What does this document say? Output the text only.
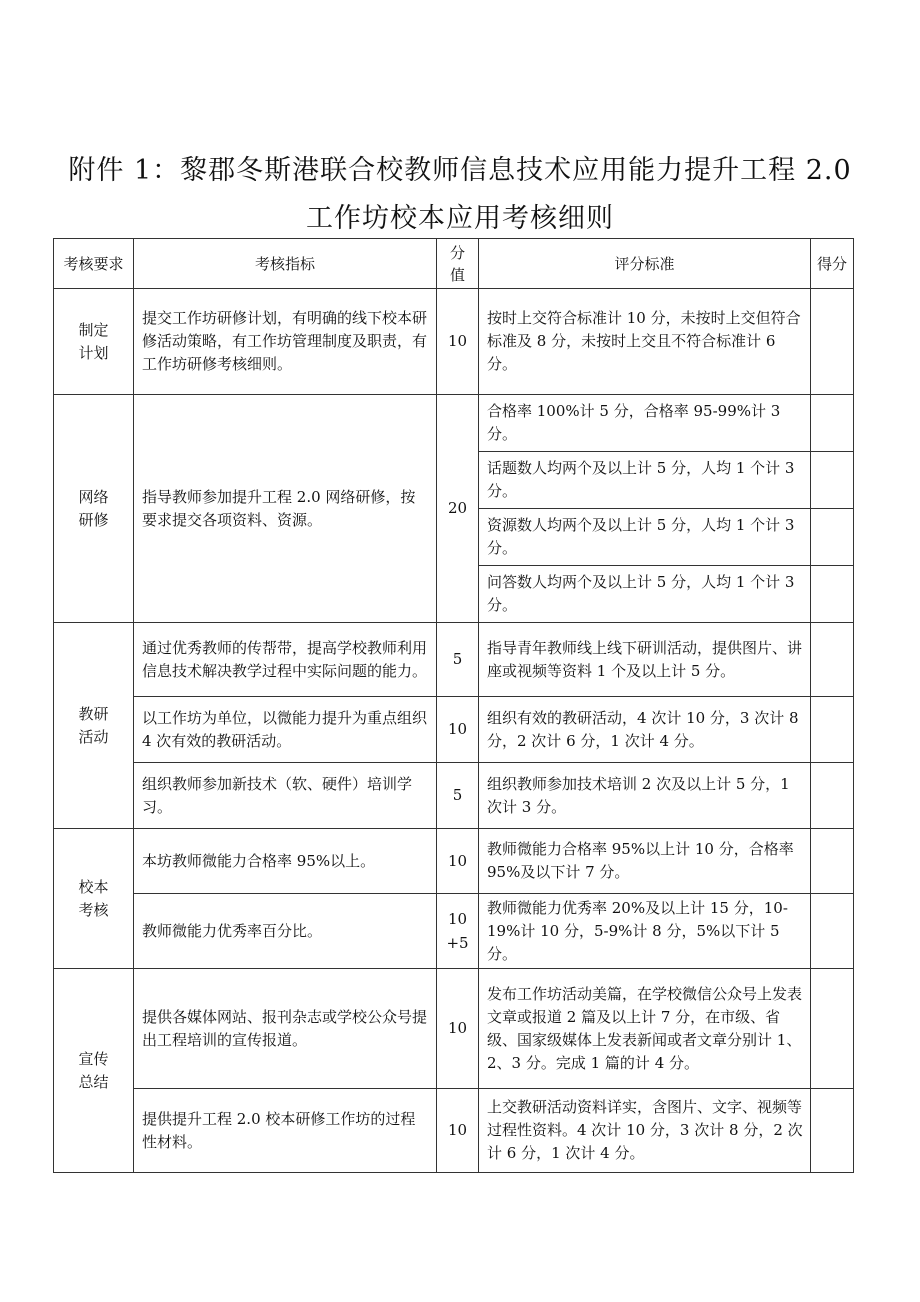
附件 1：黎郡冬斯港联合校教师信息技术应用能力提升工程 2.0
工作坊校本应用考核细则
考核要求	考核指标	分值	评分标准	得分
制定计划	提交工作坊研修计划，有明确的线下校本研修活动策略，有工作坊管理制度及职责，有工作坊研修考核细则。	10	按时上交符合标准计 10 分，未按时上交但符合标准及 8 分，未按时上交且不符合标准计 6 分。	
网络研修	指导教师参加提升工程 2.0 网络研修，按要求提交各项资料、资源。	20	合格率 100%计 5 分，合格率 95-99%计 3 分。	
			话题数人均两个及以上计 5 分，人均 1 个计 3 分。	
			资源数人均两个及以上计 5 分，人均 1 个计 3 分。	
			问答数人均两个及以上计 5 分，人均 1 个计 3 分。	
教研活动	通过优秀教师的传帮带，提高学校教师利用信息技术解决教学过程中实际问题的能力。	5	指导青年教师线上线下研训活动，提供图片、讲座或视频等资料 1 个及以上计 5 分。	
	以工作坊为单位，以微能力提升为重点组织 4 次有效的教研活动。	10	组织有效的教研活动，4 次计 10 分，3 次计 8 分，2 次计 6 分，1 次计 4 分。	
	组织教师参加新技术（软、硬件）培训学习。	5	组织教师参加技术培训 2 次及以上计 5 分，1 次计 3 分。	
校本考核	本坊教师微能力合格率 95%以上。	10	教师微能力合格率 95%以上计 10 分，合格率 95%及以下计 7 分。	
	教师微能力优秀率百分比。	10 +5	教师微能力优秀率 20%及以上计 15 分，10-19%计 10 分，5-9%计 8 分，5%以下计 5 分。	
宣传总结	提供各媒体网站、报刊杂志或学校公众号提出工程培训的宣传报道。	10	发布工作坊活动美篇，在学校微信公众号上发表文章或报道 2 篇及以上计 7 分，在市级、省级、国家级媒体上发表新闻或者文章分别计 1、2、3 分。完成 1 篇的计 4 分。	
	提供提升工程 2.0 校本研修工作坊的过程性材料。	10	上交教研活动资料详实，含图片、文字、视频等过程性资料。4 次计 10 分，3 次计 8 分，2 次计 6 分，1 次计 4 分。	
